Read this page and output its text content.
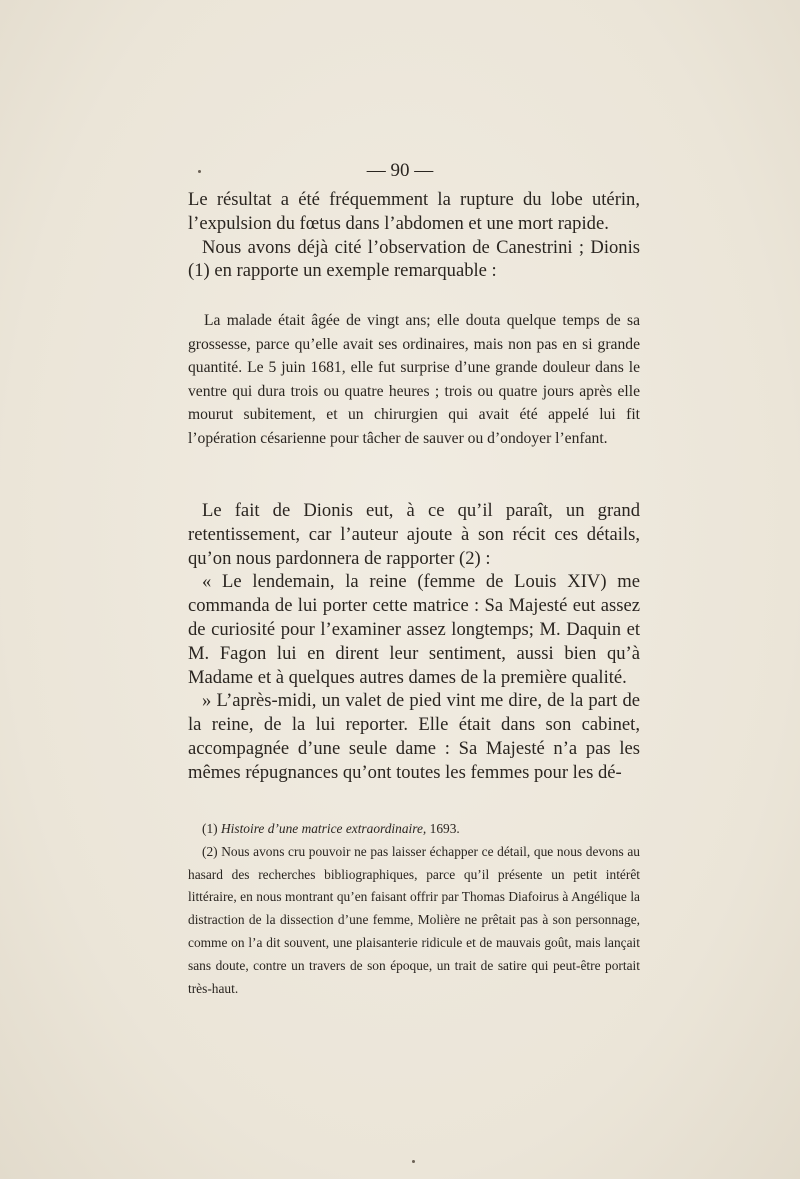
— 90 —

Le résultat a été fréquemment la rupture du lobe utérin, l’expulsion du fœtus dans l’abdomen et une mort rapide.

Nous avons déjà cité l’observation de Canestrini ; Dionis (1) en rapporte un exemple remarquable :

La malade était âgée de vingt ans; elle douta quelque temps de sa grossesse, parce qu’elle avait ses ordinaires, mais non pas en si grande quantité. Le 5 juin 1681, elle fut surprise d’une grande douleur dans le ventre qui dura trois ou quatre heures ; trois ou quatre jours après elle mourut subitement, et un chirurgien qui avait été appelé lui fit l’opération césarienne pour tâcher de sauver ou d’ondoyer l’enfant.

Le fait de Dionis eut, à ce qu’il paraît, un grand retentissement, car l’auteur ajoute à son récit ces détails, qu’on nous pardonnera de rapporter (2) :

« Le lendemain, la reine (femme de Louis XIV) me commanda de lui porter cette matrice : Sa Majesté eut assez de curiosité pour l’examiner assez longtemps; M. Daquin et M. Fagon lui en dirent leur sentiment, aussi bien qu’à Madame et à quelques autres dames de la première qualité.

» L’après-midi, un valet de pied vint me dire, de la part de la reine, de la lui reporter. Elle était dans son cabinet, accompagnée d’une seule dame : Sa Majesté n’a pas les mêmes répugnances qu’ont toutes les femmes pour les dé-

(1) Histoire d’une matrice extraordinaire, 1693.

(2) Nous avons cru pouvoir ne pas laisser échapper ce détail, que nous devons au hasard des recherches bibliographiques, parce qu’il présente un petit intérêt littéraire, en nous montrant qu’en faisant offrir par Thomas Diafoirus à Angélique la distraction de la dissection d’une femme, Molière ne prêtait pas à son personnage, comme on l’a dit souvent, une plaisanterie ridicule et de mauvais goût, mais lançait sans doute, contre un travers de son époque, un trait de satire qui peut-être portait très-haut.
